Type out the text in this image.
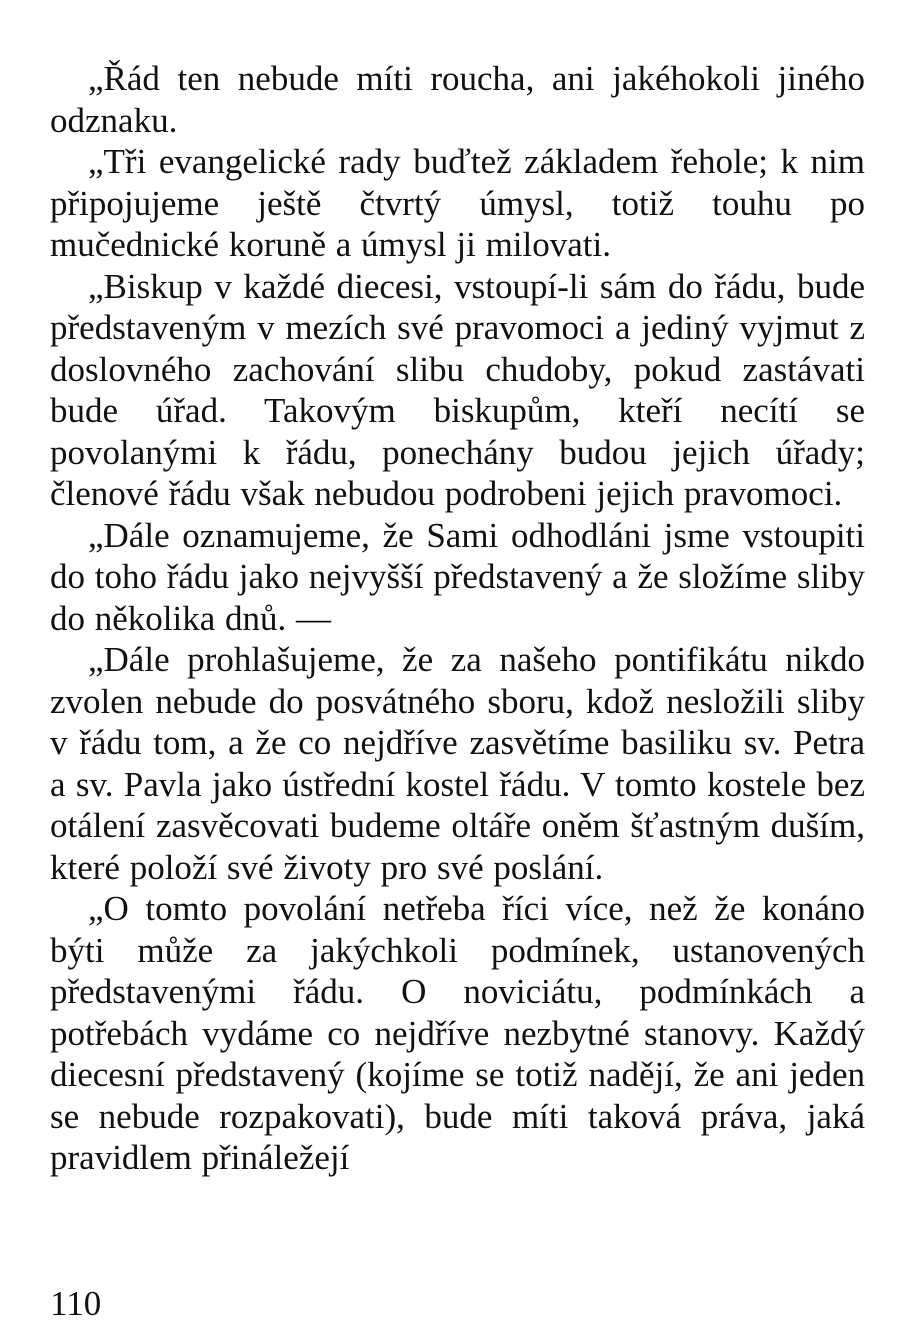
„Řád ten nebude míti roucha, ani jakéhokoli jiného odznaku.

„Tři evangelické rady buďtež základem řehole; k nim připojujeme ještě čtvrtý úmysl, totiž touhu po mučednické koruně a úmysl ji milovati.

„Biskup v každé diecesi, vstoupí-li sám do řádu, bude představeným v mezích své pravomoci a jediný vyjmut z doslovného zachování slibu chudoby, pokud zastávati bude úřad. Takovým biskupům, kteří necítí se povolanými k řádu, ponechány budou jejich úřady; členové řádu však nebudou podrobeni jejich pravomoci.

„Dále oznamujeme, že Sami odhodláni jsme vstoupiti do toho řádu jako nejvyšší představený a že složíme sliby do několika dnů. —

„Dále prohlašujeme, že za našeho pontifikátu nikdo zvolen nebude do posvátného sboru, kdož nesložili sliby v řádu tom, a že co nejdříve zasvětíme basiliku sv. Petra a sv. Pavla jako ústřední kostel řádu. V tomto kostele bez otálení zasvěcovati budeme oltáře oněm šťastným duším, které položí své životy pro své poslání.

„O tomto povolání netřeba říci více, než že konáno býti může za jakýchkoli podmínek, ustanovených představenými řádu. O noviciátu, podmínkách a potřebách vydáme co nejdříve nezbytné stanovy. Každý diecesní představený (kojíme se totiž nadějí, že ani jeden se nebude rozpakovati), bude míti taková práva, jaká pravidlem přináležejí

110
